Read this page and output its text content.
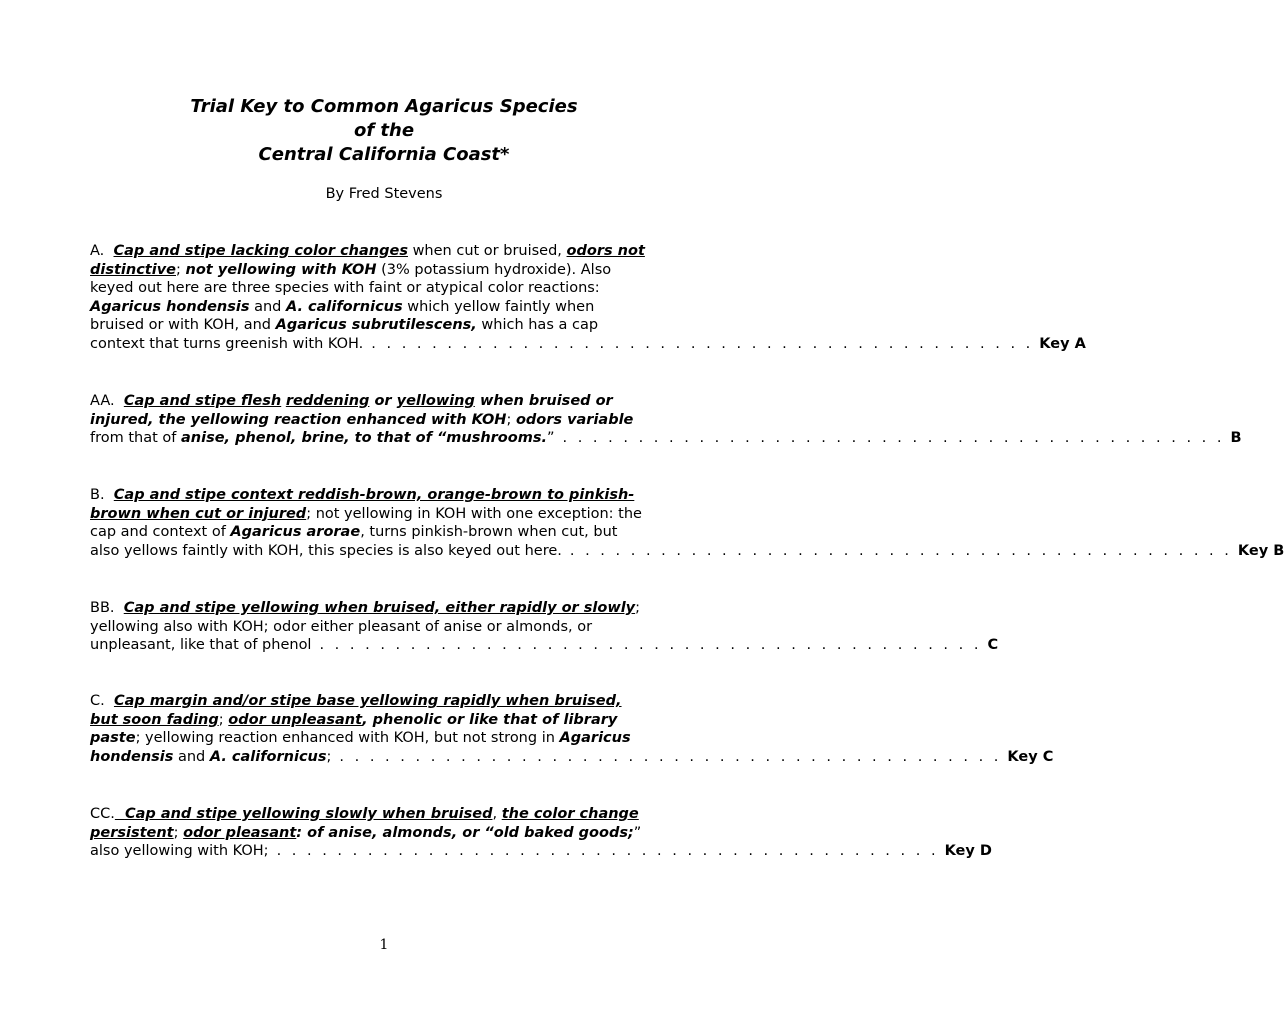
Trial Key to Common Agaricus Species
of the
Central California Coast*
By Fred Stevens
A. Cap and stipe lacking color changes when cut or bruised, odors not
distinctive; not yellowing with KOH (3% potassium hydroxide). Also
keyed out here are three species with faint or atypical color reactions:
Agaricus hondensis and A. californicus which yellow faintly when
bruised or with KOH, and Agaricus subrutilescens, which has a cap
context that turns greenish with KOH. . . . . . . . . . . . . . . . . . . . . . . . . . . . . . . . . . . . . . . . . . . . . Key A
AA. Cap and stipe flesh reddening or yellowing when bruised or
injured, the yellowing reaction enhanced with KOH; odors variable
from that of anise, phenol, brine, to that of “mushrooms.” . . . . . . . . . . . . . . . . . . . . . . . . . . . . . . . . . . . . . . . . . . . . B
B. Cap and stipe context reddish-brown, orange-brown to pinkish-
brown when cut or injured; not yellowing in KOH with one exception: the
cap and context of Agaricus arorae, turns pinkish-brown when cut, but
also yellows faintly with KOH, this species is also keyed out here. . . . . . . . . . . . . . . . . . . . . . . . . . . . . . . . . . . . . . . . . . . . . Key B
BB. Cap and stipe yellowing when bruised, either rapidly or slowly;
yellowing also with KOH; odor either pleasant of anise or almonds, or
unpleasant, like that of phenol . . . . . . . . . . . . . . . . . . . . . . . . . . . . . . . . . . . . . . . . . . . . C
C. Cap margin and/or stipe base yellowing rapidly when bruised,
but soon fading; odor unpleasant, phenolic or like that of library
paste; yellowing reaction enhanced with KOH, but not strong in Agaricus
hondensis and A. californicus; . . . . . . . . . . . . . . . . . . . . . . . . . . . . . . . . . . . . . . . . . . . . Key C
CC. Cap and stipe yellowing slowly when bruised, the color change
persistent; odor pleasant: of anise, almonds, or “old baked goods;”
also yellowing with KOH; . . . . . . . . . . . . . . . . . . . . . . . . . . . . . . . . . . . . . . . . . . . . Key D
1
